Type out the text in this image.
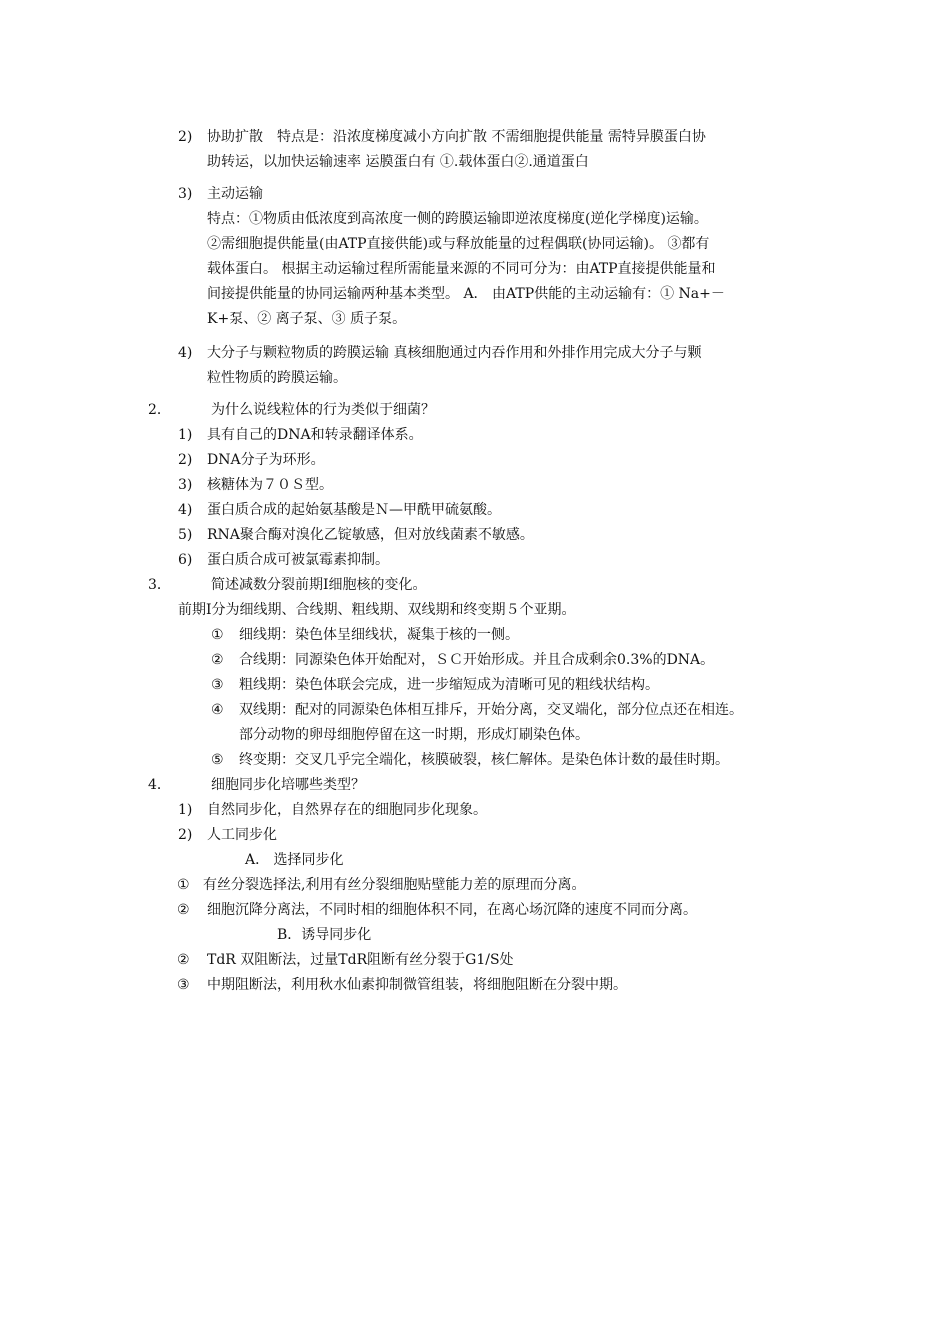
2) 协助扩散　特点是：沿浓度梯度减小方向扩散 不需细胞提供能量 需特异膜蛋白协
助转运，以加快运输速率 运膜蛋白有 ①.载体蛋白②.通道蛋白
3) 主动运输
特点：①物质由低浓度到高浓度一侧的跨膜运输即逆浓度梯度(逆化学梯度)运输。
②需细胞提供能量(由ATP直接供能)或与释放能量的过程偶联(协同运输)。 ③都有
载体蛋白。 根据主动运输过程所需能量来源的不同可分为：由ATP直接提供能量和
间接提供能量的协同运输两种基本类型。 A． 由ATP供能的主动运输有：① Na+－
K+泵、② 离子泵、③ 质子泵。
4) 大分子与颗粒物质的跨膜运输 真核细胞通过内吞作用和外排作用完成大分子与颗
粒性物质的跨膜运输。
2．	为什么说线粒体的行为类似于细菌？
1) 具有自己的DNA和转录翻译体系。
2) DNA分子为环形。
3) 核糖体为７０Ｓ型。
4) 蛋白质合成的起始氨基酸是Ｎ—甲酰甲硫氨酸。
5) RNA聚合酶对溴化乙锭敏感，但对放线菌素不敏感。
6) 蛋白质合成可被氯霉素抑制。
3．	简述减数分裂前期Ⅰ细胞核的变化。
前期Ⅰ分为细线期、合线期、粗线期、双线期和终变期５个亚期。
① 细线期：染色体呈细线状，凝集于核的一侧。
② 合线期：同源染色体开始配对，ＳＣ开始形成。并且合成剩余0.3%的DNA。
③ 粗线期：染色体联会完成，进一步缩短成为清晰可见的粗线状结构。
④ 双线期：配对的同源染色体相互排斥，开始分离，交叉端化，部分位点还在相连。
部分动物的卵母细胞停留在这一时期，形成灯刷染色体。
⑤ 终变期：交叉几乎完全端化，核膜破裂，核仁解体。是染色体计数的最佳时期。
4．	细胞同步化培哪些类型？
1) 自然同步化，自然界存在的细胞同步化现象。
2) 人工同步化
A． 选择同步化
① 有丝分裂选择法,利用有丝分裂细胞贴壁能力差的原理而分离。
② 细胞沉降分离法，不同时相的细胞体积不同，在离心场沉降的速度不同而分离。
B．诱导同步化
② TdR 双阻断法，过量TdR阻断有丝分裂于G1/S处
③ 中期阻断法，利用秋水仙素抑制微管组装，将细胞阻断在分裂中期。
